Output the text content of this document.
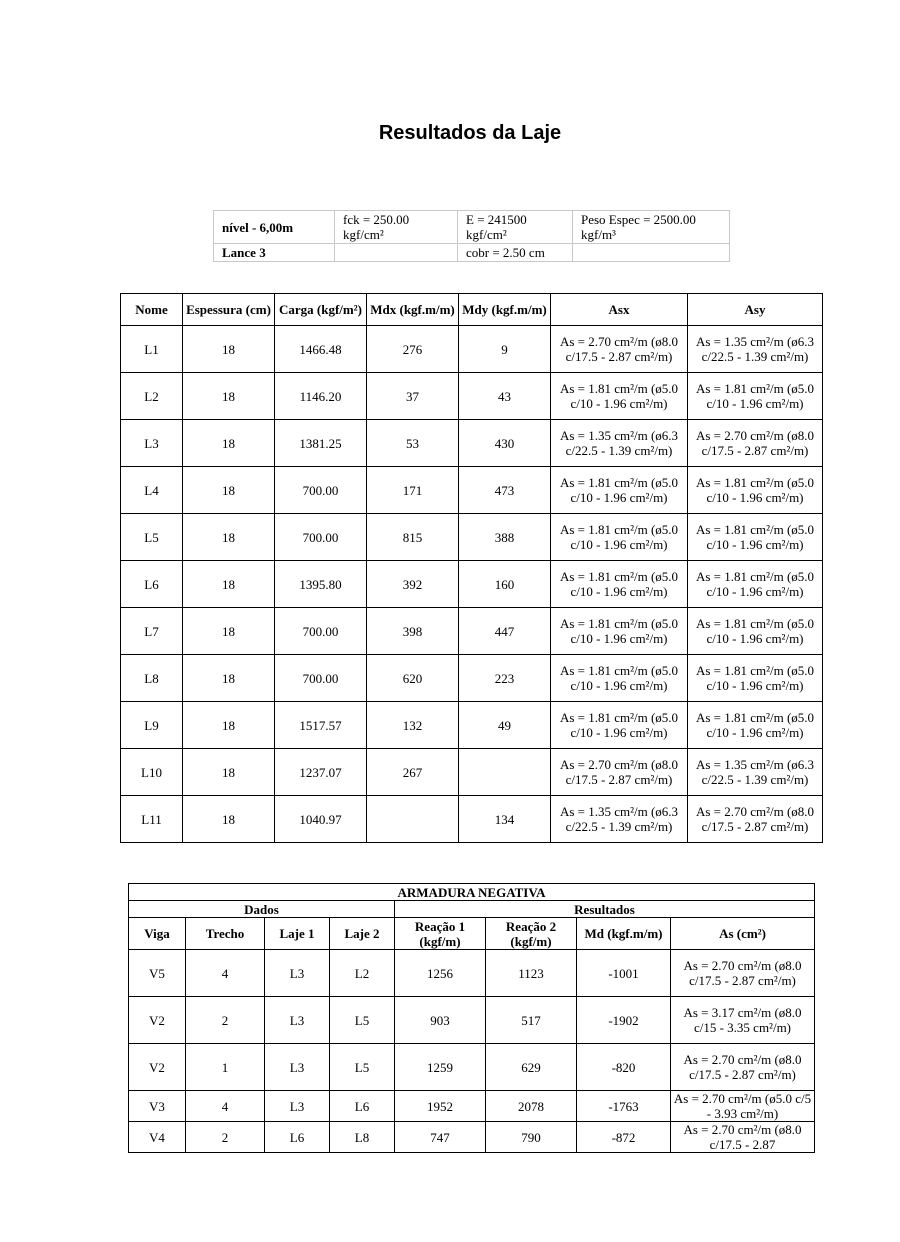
Resultados da Laje
nível - 6,00m	fck = 250.00 kgf/cm²	E = 241500 kgf/cm²	Peso Espec = 2500.00 kgf/m³
Lance 3		cobr = 2.50 cm	
Nome	Espessura (cm)	Carga (kgf/m²)	Mdx (kgf.m/m)	Mdy (kgf.m/m)	Asx	Asy
L1	18	1466.48	276	9	As = 2.70 cm²/m (ø8.0 c/17.5 - 2.87 cm²/m)	As = 1.35 cm²/m (ø6.3 c/22.5 - 1.39 cm²/m)
L2	18	1146.20	37	43	As = 1.81 cm²/m (ø5.0 c/10 - 1.96 cm²/m)	As = 1.81 cm²/m (ø5.0 c/10 - 1.96 cm²/m)
L3	18	1381.25	53	430	As = 1.35 cm²/m (ø6.3 c/22.5 - 1.39 cm²/m)	As = 2.70 cm²/m (ø8.0 c/17.5 - 2.87 cm²/m)
L4	18	700.00	171	473	As = 1.81 cm²/m (ø5.0 c/10 - 1.96 cm²/m)	As = 1.81 cm²/m (ø5.0 c/10 - 1.96 cm²/m)
L5	18	700.00	815	388	As = 1.81 cm²/m (ø5.0 c/10 - 1.96 cm²/m)	As = 1.81 cm²/m (ø5.0 c/10 - 1.96 cm²/m)
L6	18	1395.80	392	160	As = 1.81 cm²/m (ø5.0 c/10 - 1.96 cm²/m)	As = 1.81 cm²/m (ø5.0 c/10 - 1.96 cm²/m)
L7	18	700.00	398	447	As = 1.81 cm²/m (ø5.0 c/10 - 1.96 cm²/m)	As = 1.81 cm²/m (ø5.0 c/10 - 1.96 cm²/m)
L8	18	700.00	620	223	As = 1.81 cm²/m (ø5.0 c/10 - 1.96 cm²/m)	As = 1.81 cm²/m (ø5.0 c/10 - 1.96 cm²/m)
L9	18	1517.57	132	49	As = 1.81 cm²/m (ø5.0 c/10 - 1.96 cm²/m)	As = 1.81 cm²/m (ø5.0 c/10 - 1.96 cm²/m)
L10	18	1237.07	267		As = 2.70 cm²/m (ø8.0 c/17.5 - 2.87 cm²/m)	As = 1.35 cm²/m (ø6.3 c/22.5 - 1.39 cm²/m)
L11	18	1040.97		134	As = 1.35 cm²/m (ø6.3 c/22.5 - 1.39 cm²/m)	As = 2.70 cm²/m (ø8.0 c/17.5 - 2.87 cm²/m)
ARMADURA NEGATIVA							
Dados				Resultados			
Viga	Trecho	Laje 1	Laje 2	Reação 1 (kgf/m)	Reação 2 (kgf/m)	Md (kgf.m/m)	As (cm²)
V5	4	L3	L2	1256	1123	-1001	As = 2.70 cm²/m (ø8.0 c/17.5 - 2.87 cm²/m)
V2	2	L3	L5	903	517	-1902	As = 3.17 cm²/m (ø8.0 c/15 - 3.35 cm²/m)
V2	1	L3	L5	1259	629	-820	As = 2.70 cm²/m (ø8.0 c/17.5 - 2.87 cm²/m)
V3	4	L3	L6	1952	2078	-1763	As = 2.70 cm²/m (ø5.0 c/5 - 3.93 cm²/m)
V4	2	L6	L8	747	790	-872	As = 2.70 cm²/m (ø8.0 c/17.5 - 2.87
